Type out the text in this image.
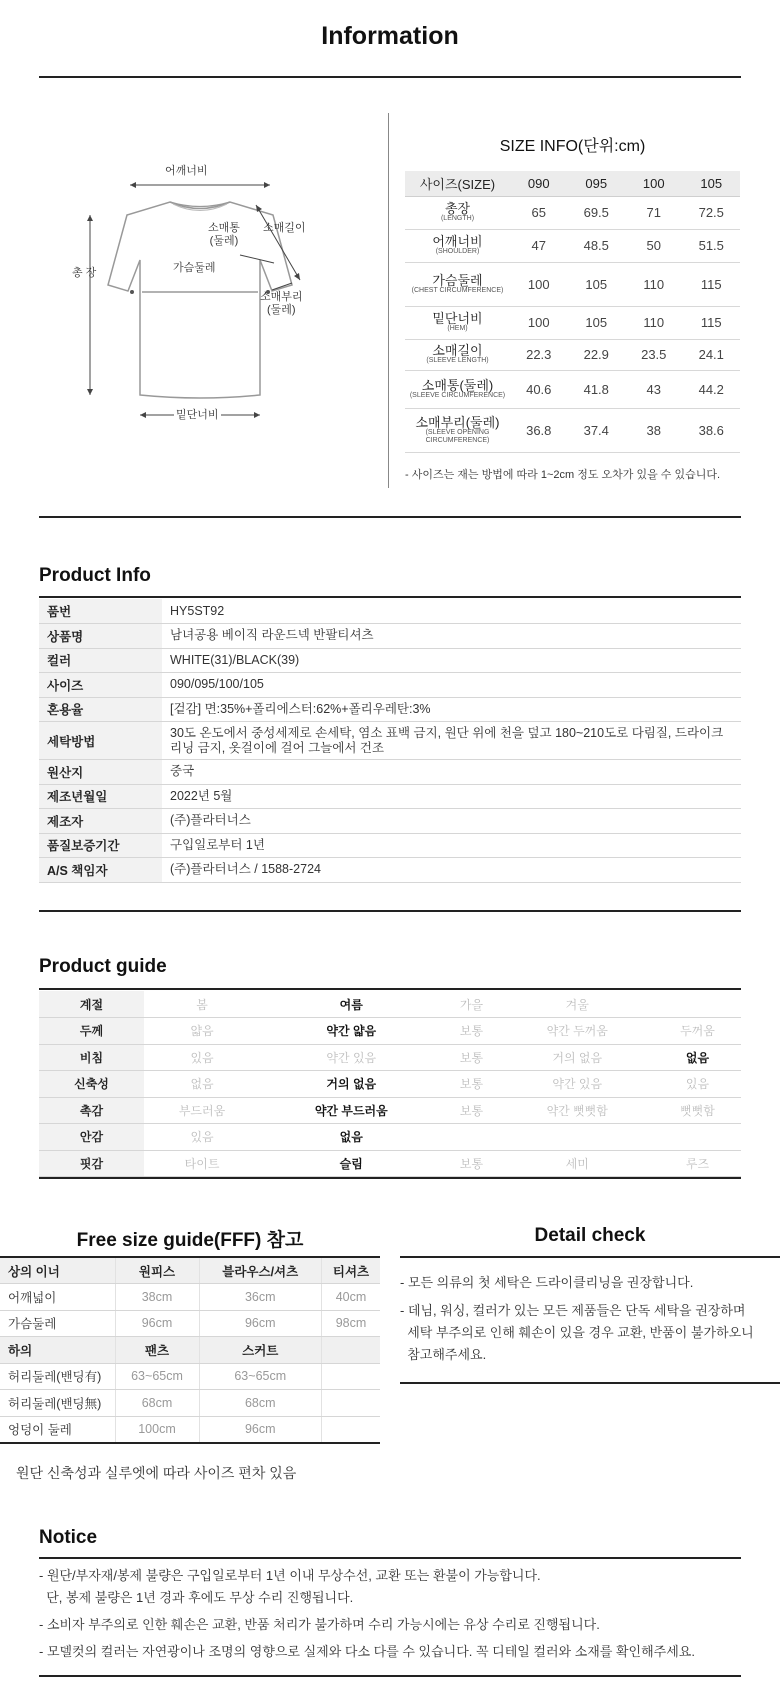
Information
어깨너비
총 장
소매통
(둘레)
소매길이
가슴둘레
소매부리
(둘레)
밑단너비
SIZE INFO(단위:cm)
사이즈(SIZE)	090	095	100	105

총장
(LENGTH)	65	69.5	71	72.5

어깨너비
(SHOULDER)	47	48.5	50	51.5

가슴둘레
(CHEST CIRCUMFERENCE)	100	105	110	115

밑단너비
(HEM)	100	105	110	115

소매길이
(SLEEVE LENGTH)	22.3	22.9	23.5	24.1

소매통(둘레)
(SLEEVE CIRCUMFERENCE)	40.6	41.8	43	44.2

소매부리(둘레)
(SLEEVE OPENING CIRCUMFERENCE)	36.8	37.4	38	38.6
- 사이즈는 재는 방법에 따라 1~2cm 정도 오차가 있을 수 있습니다.
Product Info
품번	HY5ST92
상품명	남녀공용 베이직 라운드넥 반팔티셔츠
컬러	WHITE(31)/BLACK(39)
사이즈	090/095/100/105
혼용율	[겉감] 면:35%+폴리에스터:62%+폴리우레탄:3%
세탁방법	30도 온도에서 중성세제로 손세탁, 염소 표백 금지, 원단 위에 천을 덮고 180~210도로 다림질, 드라이크리닝 금지, 옷걸이에 걸어 그늘에서 건조
원산지	중국
제조년월일	2022년 5월
제조자	(주)플라터너스
품질보증기간	구입일로부터 1년
A/S 책임자	(주)플라터너스 / 1588-2724
Product guide
계절	봄	여름	가을	겨울	
두께	얇음	약간 얇음	보통	약간 두꺼움	두꺼움
비침	있음	약간 있음	보통	거의 없음	없음
신축성	없음	거의 없음	보통	약간 있음	있음
촉감	부드러움	약간 부드러움	보통	약간 뻣뻣함	뻣뻣함
안감	있음	없음			
핏감	타이트	슬림	보통	세미	루즈
Free size guide(FFF) 참고
상의 이너	원피스	블라우스/셔츠	티셔츠
어깨넓이	38cm	36cm	40cm
가슴둘레	96cm	96cm	98cm
하의	팬츠	스커트	
허리둘레(밴딩有)	63~65cm	63~65cm	
허리둘레(밴딩無)	68cm	68cm	
엉덩이 둘레	100cm	96cm	
원단 신축성과 실루엣에 따라 사이즈 편차 있음
Detail check

- 모든 의류의 첫 세탁은 드라이클리닝을 권장합니다.

- 데님, 워싱, 컬러가 있는 모든 제품들은 단독 세탁을 권장하며

세탁 부주의로 인해 훼손이 있을 경우 교환, 반품이 불가하오니

참고해주세요.

Notice

- 원단/부자재/봉제 불량은 구입일로부터 1년 이내 무상수선, 교환 또는 환불이 가능합니다.

단, 봉제 불량은 1년 경과 후에도 무상 수리 진행됩니다.

- 소비자 부주의로 인한 훼손은 교환, 반품 처리가 불가하며 수리 가능시에는 유상 수리로 진행됩니다.

- 모델컷의 컬러는 자연광이나 조명의 영향으로 실제와 다소 다를 수 있습니다. 꼭 디테일 컬러와 소재를 확인해주세요.
